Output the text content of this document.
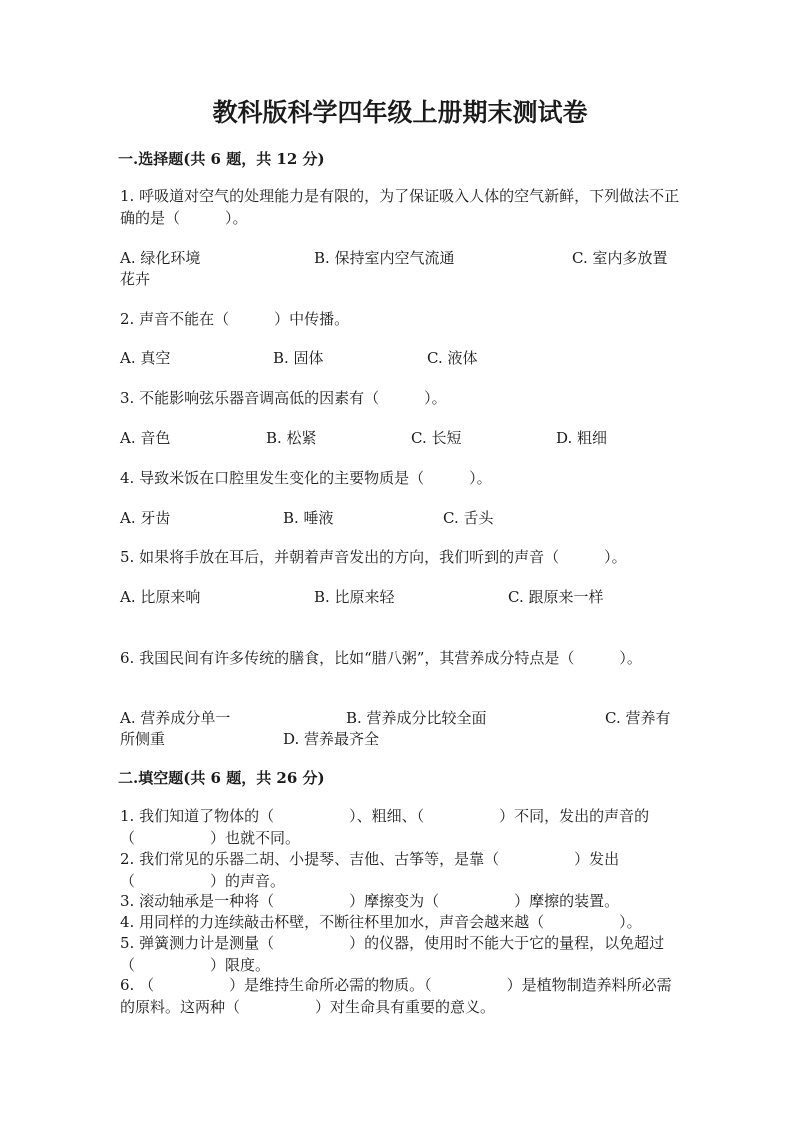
教科版科学四年级上册期末测试卷
一.选择题(共 6 题，共 12 分)
1. 呼吸道对空气的处理能力是有限的，为了保证吸入人体的空气新鲜，下列做法不正确的是（　　　）。
A. 绿化环境	B. 保持室内空气流通	C. 室内多放置
花卉
2. 声音不能在（　　　）中传播。
A. 真空	B. 固体	C. 液体
3. 不能影响弦乐器音调高低的因素有（　　　）。
A. 音色	B. 松紧	C. 长短	D. 粗细
4. 导致米饭在口腔里发生变化的主要物质是（　　　）。
A. 牙齿	B. 唾液	C. 舌头
5. 如果将手放在耳后，并朝着声音发出的方向，我们听到的声音（　　　）。
A. 比原来响	B. 比原来轻	C. 跟原来一样
6. 我国民间有许多传统的膳食，比如“腊八粥”，其营养成分特点是（　　　）。
A. 营养成分单一	B. 营养成分比较全面	C. 营养有
所侧重	D. 营养最齐全
二.填空题(共 6 题，共 26 分)
1. 我们知道了物体的（　　　　　）、粗细、（　　　　　）不同，发出的声音的（　　　　　）也就不同。
2. 我们常见的乐器二胡、小提琴、吉他、古筝等，是靠（　　　　　）发出（　　　　　）的声音。
3. 滚动轴承是一种将（　　　　　）摩擦变为（　　　　　）摩擦的装置。
4. 用同样的力连续敲击杯壁，不断往杯里加水，声音会越来越（　　　　　）。
5. 弹簧测力计是测量（　　　　　）的仪器，使用时不能大于它的量程，以免超过（　　　　　）限度。
6. （　　　　　）是维持生命所必需的物质。（　　　　　）是植物制造养料所必需的原料。这两种（　　　　　）对生命具有重要的意义。
